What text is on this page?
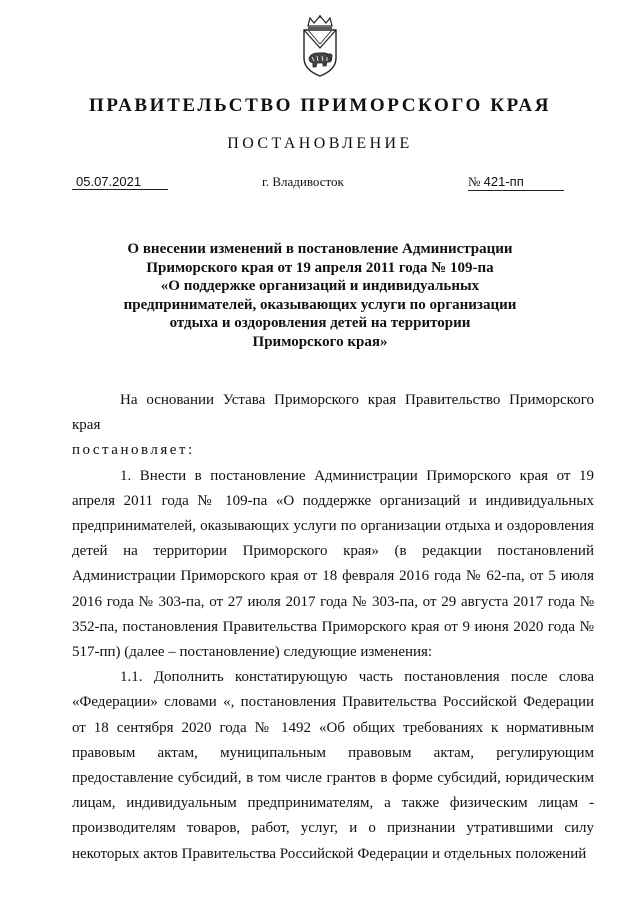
ПРАВИТЕЛЬСТВО ПРИМОРСКОГО КРАЯ
ПОСТАНОВЛЕНИЕ
05.07.2021	г. Владивосток	№ 421-пп
О внесении изменений в постановление Администрации
Приморского края от 19 апреля 2011 года № 109-па
«О поддержке организаций и индивидуальных
предпринимателей, оказывающих услуги по организации
отдыха и оздоровления детей на территории
Приморского края»

На основании Устава Приморского края Правительство Приморского края

постановляет:

1. Внести в постановление Администрации Приморского края от 19 апреля 2011 года № 109-па «О поддержке организаций и индивидуальных предпринимателей, оказывающих услуги по организации отдыха и оздоровления детей на территории Приморского края» (в редакции постановлений Администрации Приморского края от 18 февраля 2016 года № 62-па, от 5 июля 2016 года № 303-па, от 27 июля 2017 года № 303-па, от 29 августа 2017 года № 352-па, постановления Правительства Приморского края от 9 июня 2020 года № 517-пп) (далее – постановление) следующие изменения:

1.1. Дополнить констатирующую часть постановления после слова «Федерации» словами «, постановления Правительства Российской Федерации от 18 сентября 2020 года № 1492 «Об общих требованиях к нормативным правовым актам, муниципальным правовым актам, регулирующим предоставление субсидий, в том числе грантов в форме субсидий, юридическим лицам, индивидуальным предпринимателям, а также физическим лицам - производителям товаров, работ, услуг, и о признании утратившими силу некоторых актов Правительства Российской Федерации и отдельных положений
